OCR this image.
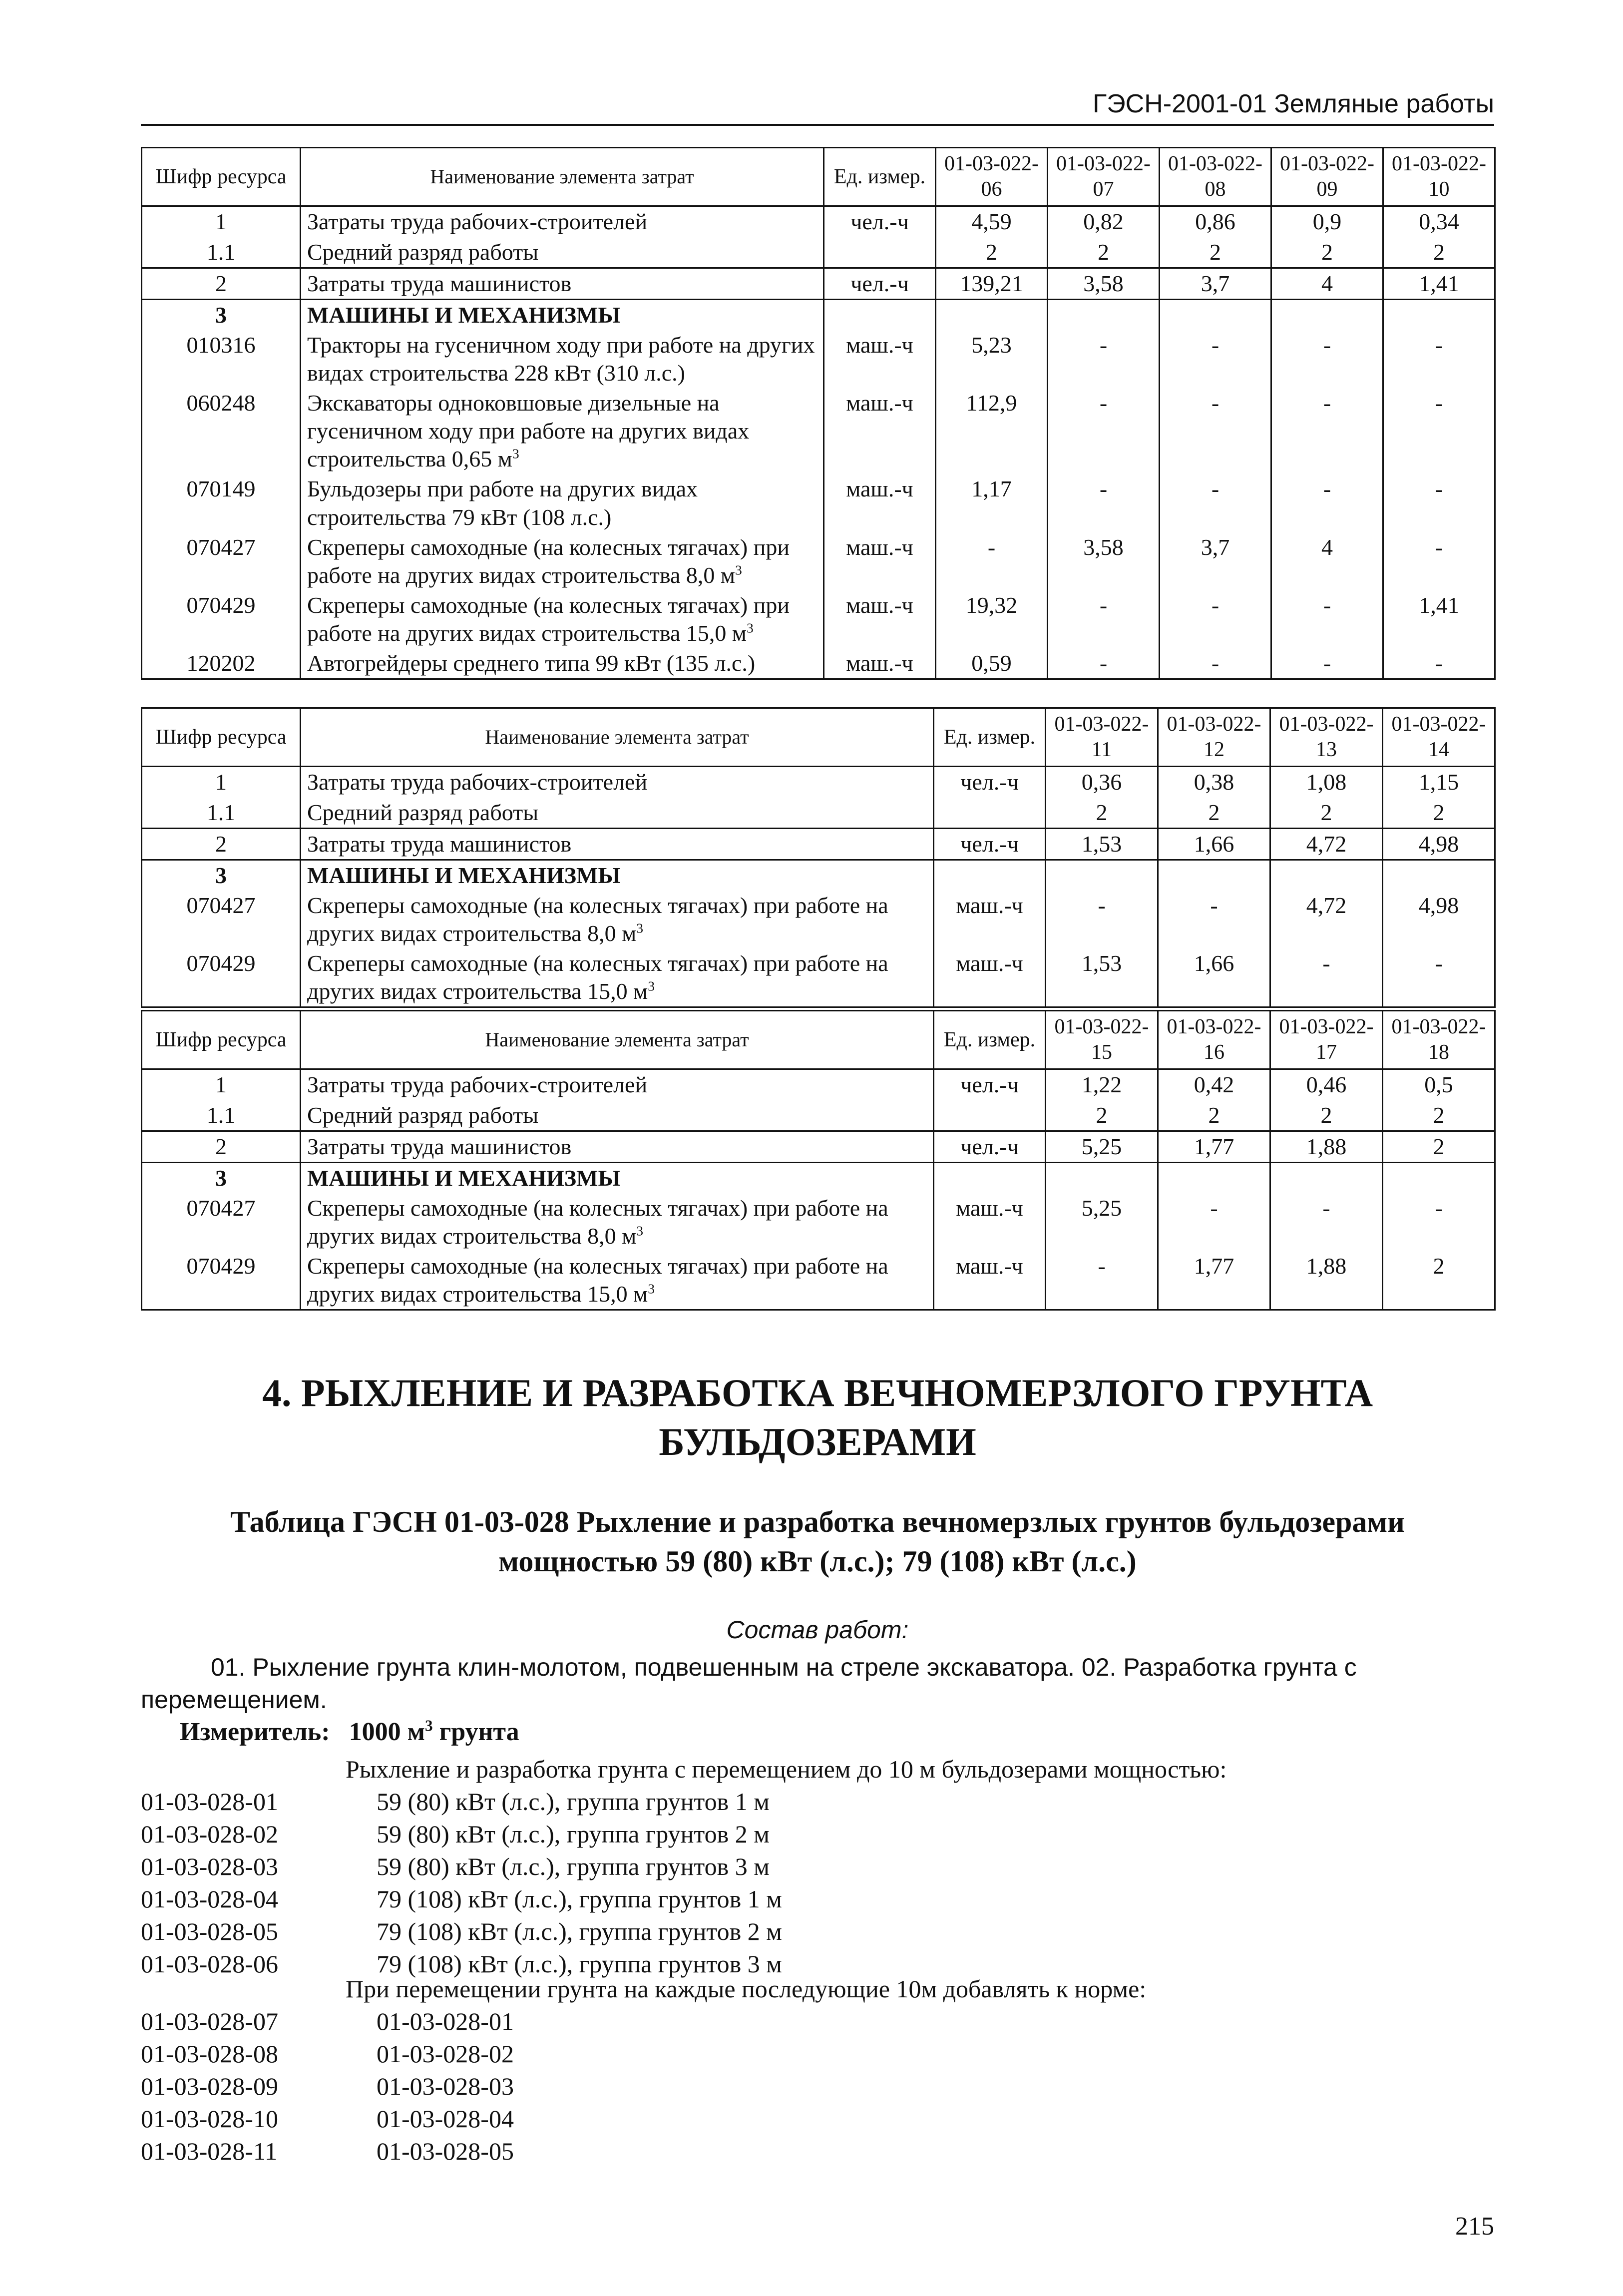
ГЭСН-2001-01 Земляные работы
Шифр ресурса	Наименование элемента затрат	Ед. измер.	01-03-022-06	01-03-022-07	01-03-022-08	01-03-022-09	01-03-022-10
1	Затраты труда рабочих-строителей	чел.-ч	4,59	0,82	0,86	0,9	0,34
1.1	Средний разряд работы		2	2	2	2	2
2	Затраты труда машинистов	чел.-ч	139,21	3,58	3,7	4	1,41
3	МАШИНЫ И МЕХАНИЗМЫ						
010316	Тракторы на гусеничном ходу при работе на других видах строительства 228 кВт (310 л.с.)	маш.-ч	5,23	-	-	-	-
060248	Экскаваторы одноковшовые дизельные на гусеничном ходу при работе на других видах строительства 0,65 $м^3$	маш.-ч	112,9	-	-	-	-
070149	Бульдозеры при работе на других видах строительства 79 кВт (108 л.с.)	маш.-ч	1,17	-	-	-	-
070427	Скреперы самоходные (на колесных тягачах) при работе на других видах строительства 8,0 $м^3$	маш.-ч	-	3,58	3,7	4	-
070429	Скреперы самоходные (на колесных тягачах) при работе на других видах строительства 15,0 $м^3$	маш.-ч	19,32	-	-	-	1,41
120202	Автогрейдеры среднего типа 99 кВт (135 л.с.)	маш.-ч	0,59	-	-	-	-
Шифр ресурса	Наименование элемента затрат	Ед. измер.	01-03-022-11	01-03-022-12	01-03-022-13	01-03-022-14
1	Затраты труда рабочих-строителей	чел.-ч	0,36	0,38	1,08	1,15
1.1	Средний разряд работы		2	2	2	2
2	Затраты труда машинистов	чел.-ч	1,53	1,66	4,72	4,98
3	МАШИНЫ И МЕХАНИЗМЫ					
070427	Скреперы самоходные (на колесных тягачах) при работе на других видах строительства 8,0 $м^3$	маш.-ч	-	-	4,72	4,98
070429	Скреперы самоходные (на колесных тягачах) при работе на других видах строительства 15,0 $м^3$	маш.-ч	1,53	1,66	-	-
Шифр ресурса	Наименование элемента затрат	Ед. измер.	01-03-022-15	01-03-022-16	01-03-022-17	01-03-022-18
1	Затраты труда рабочих-строителей	чел.-ч	1,22	0,42	0,46	0,5
1.1	Средний разряд работы		2	2	2	2
2	Затраты труда машинистов	чел.-ч	5,25	1,77	1,88	2
3	МАШИНЫ И МЕХАНИЗМЫ					
070427	Скреперы самоходные (на колесных тягачах) при работе на других видах строительства 8,0 $м^3$	маш.-ч	5,25	-	-	-
070429	Скреперы самоходные (на колесных тягачах) при работе на других видах строительства 15,0 $м^3$	маш.-ч	-	1,77	1,88	2
4. РЫХЛЕНИЕ И РАЗРАБОТКА ВЕЧНОМЕРЗЛОГО ГРУНТА БУЛЬДОЗЕРАМИ
Таблица ГЭСН 01-03-028 Рыхление и разработка вечномерзлых грунтов бульдозерами
мощностью 59 (80) кВт (л.с.); 79 (108) кВт (л.с.)
Состав работ:
01. Рыхление грунта клин-молотом, подвешенным на стреле экскаватора. 02. Разработка грунта с перемещением.
Измеритель: 1000 $м^3$ грунта
Рыхление и разработка грунта с перемещением до 10 м бульдозерами мощностью:
01-03-028-01	59 (80) кВт (л.с.), группа грунтов 1 м
01-03-028-02	59 (80) кВт (л.с.), группа грунтов 2 м
01-03-028-03	59 (80) кВт (л.с.), группа грунтов 3 м
01-03-028-04	79 (108) кВт (л.с.), группа грунтов 1 м
01-03-028-05	79 (108) кВт (л.с.), группа грунтов 2 м
01-03-028-06	79 (108) кВт (л.с.), группа грунтов 3 м
При перемещении грунта на каждые последующие 10м добавлять к норме:
01-03-028-07	01-03-028-01
01-03-028-08	01-03-028-02
01-03-028-09	01-03-028-03
01-03-028-10	01-03-028-04
01-03-028-11	01-03-028-05
215
